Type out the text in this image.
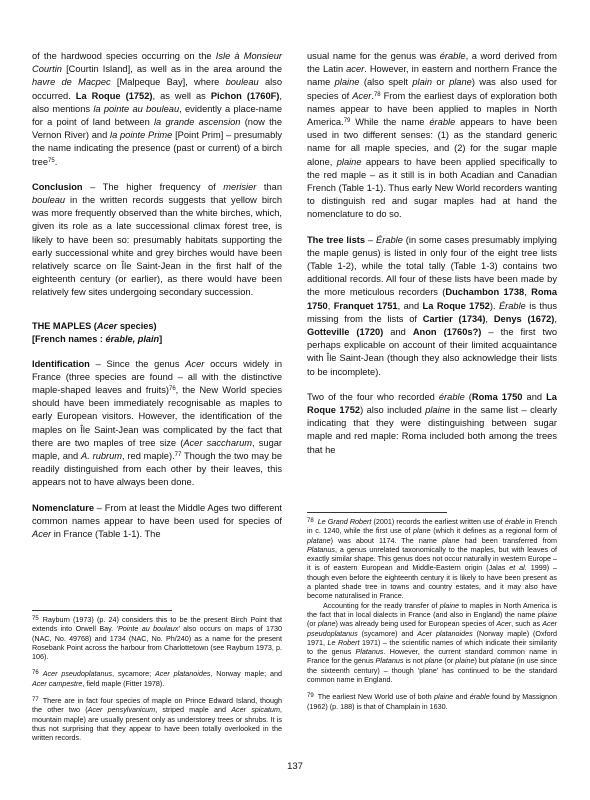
of the hardwood species occurring on the Isle à Monsieur Courtin [Courtin Island], as well as in the area around the havre de Macpec [Malpeque Bay], where bouleau also occurred. La Roque (1752), as well as Pichon (1760F), also mentions la pointe au bouleau, evidently a place-name for a point of land between la grande ascension (now the Vernon River) and la pointe Prime [Point Prim] – presumably the name indicating the presence (past or current) of a birch tree$^{75}$.

Conclusion – The higher frequency of merisier than bouleau in the written records suggests that yellow birch was more frequently observed than the white birches, which, given its role as a late successional climax forest tree, is likely to have been so: presumably habitats supporting the early successional white and grey birches would have been relatively scarce on Île Saint-Jean in the first half of the eighteenth century (or earlier), as there would have been relatively few sites undergoing secondary succession.

THE MAPLES (Acer species)

[French names : érable, plain]

Identification – Since the genus Acer occurs widely in France (three species are found – all with the distinctive maple-shaped leaves and fruits)$^{76}$, the New World species should have been immediately recognisable as maples to early European visitors. However, the identification of the maples on Île Saint-Jean was complicated by the fact that there are two maples of tree size (Acer saccharum, sugar maple, and A. rubrum, red maple).$^{77}$ Though the two may be readily distinguished from each other by their leaves, this appears not to have always been done.

Nomenclature – From at least the Middle Ages two different common names appear to have been used for species of Acer in France (Table 1-1). The

$^{75}$ Rayburn (1973) (p. 24) considers this to be the present Birch Point that extends into Orwell Bay. 'Pointe au boulaux' also occurs on maps of 1730 (NAC, No. 49768) and 1734 (NAC, No. Ph/240) as a name for the present Rosebank Point across the harbour from Charlottetown (see Rayburn 1973, p. 106).

$^{76}$ Acer pseudoplatanus, sycamore; Acer platanoides, Norway maple; and Acer campestre, field maple (Fitter 1978).

$^{77}$ There are in fact four species of maple on Prince Edward Island, though the other two (Acer pensylvanicum, striped maple and Acer spicatum, mountain maple) are usually present only as understorey trees or shrubs. It is thus not surprising that they appear to have been totally overlooked in the written records.

usual name for the genus was érable, a word derived from the Latin acer. However, in eastern and northern France the name plaine (also spelt plain or plane) was also used for species of Acer.$^{78}$ From the earliest days of exploration both names appear to have been applied to maples in North America.$^{79}$ While the name érable appears to have been used in two different senses: (1) as the standard generic name for all maple species, and (2) for the sugar maple alone, plaine appears to have been applied specifically to the red maple – as it still is in both Acadian and Canadian French (Table 1-1). Thus early New World recorders wanting to distinguish red and sugar maples had at hand the nomenclature to do so.

The tree lists – Érable (in some cases presumably implying the maple genus) is listed in only four of the eight tree lists (Table 1-2), while the total tally (Table 1-3) contains two additional records. All four of these lists have been made by the more meticulous recorders (Duchambon 1738, Roma 1750, Franquet 1751, and La Roque 1752). Érable is thus missing from the lists of Cartier (1734), Denys (1672), Gotteville (1720) and Anon (1760s?) – the first two perhaps explicable on account of their limited acquaintance with Île Saint-Jean (though they also acknowledge their lists to be incomplete).

Two of the four who recorded érable (Roma 1750 and La Roque 1752) also included plaine in the same list – clearly indicating that they were distinguishing between sugar maple and red maple: Roma included both among the trees that he

$^{78}$ Le Grand Robert (2001) records the earliest written use of érable in French in c. 1240, while the first use of plane (which it defines as a regional form of platane) was about 1174. The name plane had been transferred from Platanus, a genus unrelated taxonomically to the maples, but with leaves of exactly similar shape. This genus does not occur naturally in western Europe – it is of eastern European and Middle-Eastern origin (Jalas et al. 1999) – though even before the eighteenth century it is likely to have been present as a planted shade tree in towns and country estates, and it may also have become naturalised in France.

Accounting for the ready transfer of plaine to maples in North America is the fact that in local dialects in France (and also in England) the name plaine (or plane) was already being used for European species of Acer, such as Acer pseudoplatanus (sycamore) and Acer platanoides (Norway maple) (Oxford 1971, Le Robert 1971) – the scientific names of which indicate their similarity to the genus Platanus. However, the current standard common name in France for the genus Platanus is not plane (or plaine) but platane (in use since the sixteenth century) – though 'plane' has continued to be the standard common name in England.

$^{79}$ The earliest New World use of both plaine and érable found by Massignon (1962) (p. 188) is that of Champlain in 1630.

137
